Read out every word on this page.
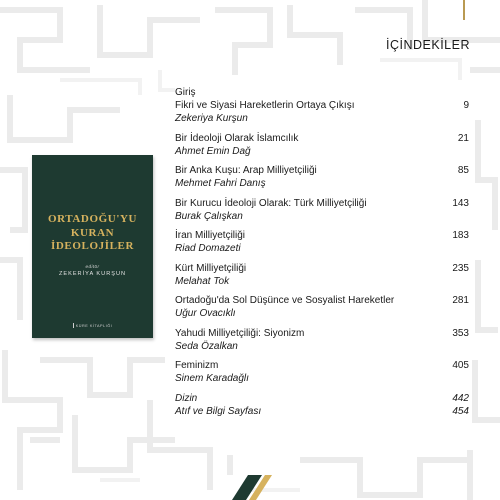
İÇİNDEKİLER
ORTADOĞU'YU
KURAN
İDEOLOJİLER
editör
ZEKERİYA KURŞUN
KÜRE KİTAPLIĞI
Giriş
Fikri ve Siyasi Hareketlerin Ortaya Çıkışı	9
Zekeriya Kurşun
Bir İdeoloji Olarak İslamcılık	21
Ahmet Emin Dağ
Bir Anka Kuşu: Arap Milliyetçiliği	85
Mehmet Fahri Danış
Bir Kurucu İdeoloji Olarak: Türk Milliyetçiliği	143
Burak Çalışkan
İran Milliyetçiliği	183
Riad Domazeti
Kürt Milliyetçiliği	235
Melahat Tok
Ortadoğu'da Sol Düşünce ve Sosyalist Hareketler	281
Uğur Ovacıklı
Yahudi Milliyetçiliği: Siyonizm	353
Seda Özalkan
Feminizm	405
Sinem Karadağlı
Dizin	442
Atıf ve Bilgi Sayfası	454
